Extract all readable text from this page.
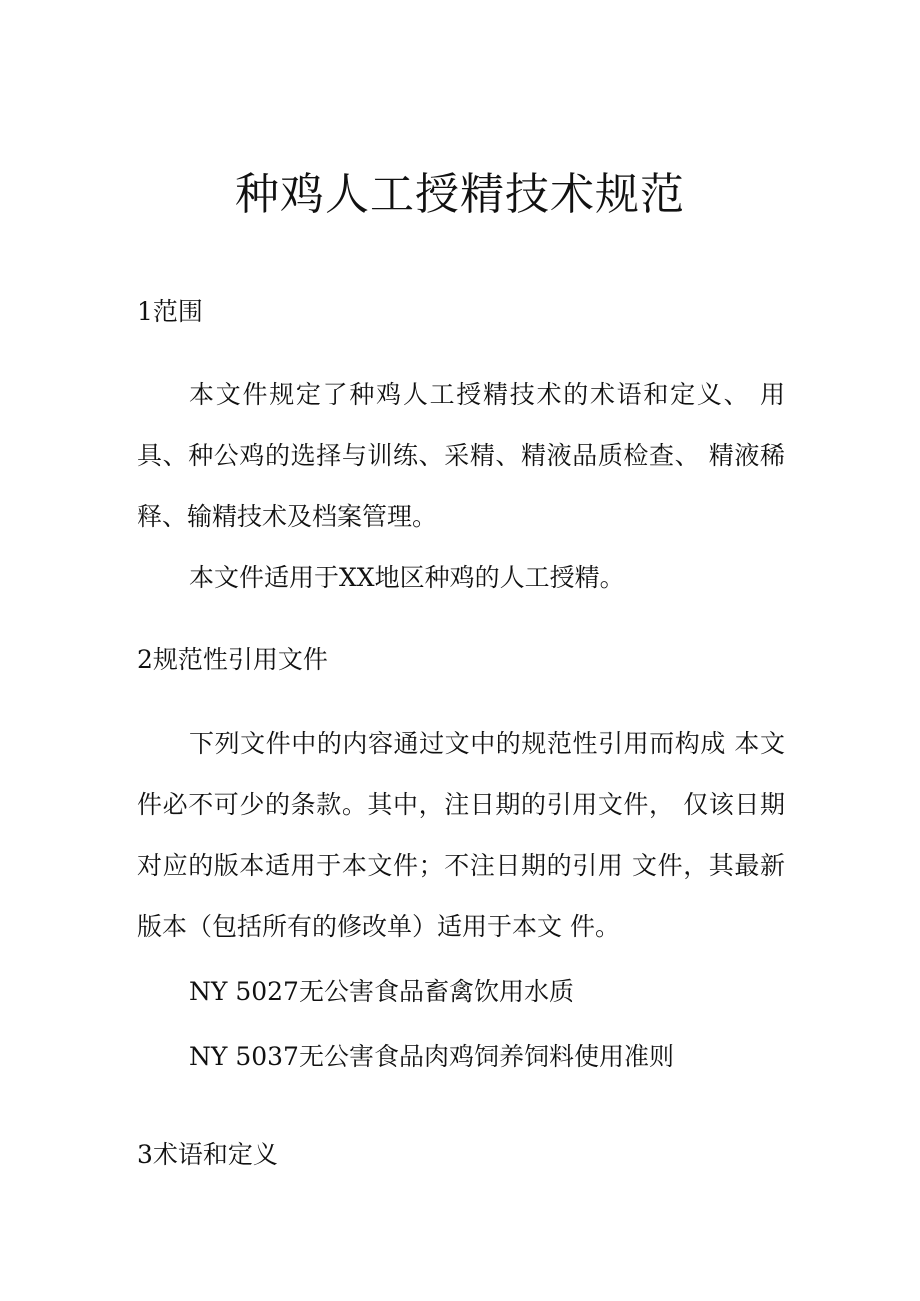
种鸡人工授精技术规范
1范围

本文件规定了种鸡人工授精技术的术语和定义、 用具、种公鸡的选择与训练、采精、精液品质检查、 精液稀释、输精技术及档案管理。

本文件适用于XX地区种鸡的人工授精。

2规范性引用文件

下列文件中的内容通过文中的规范性引用而构成 本文件必不可少的条款。其中，注日期的引用文件， 仅该日期对应的版本适用于本文件；不注日期的引用 文件，其最新版本（包括所有的修改单）适用于本文 件。

NY 5027无公害食品畜禽饮用水质

NY 5037无公害食品肉鸡饲养饲料使用准则

3术语和定义
